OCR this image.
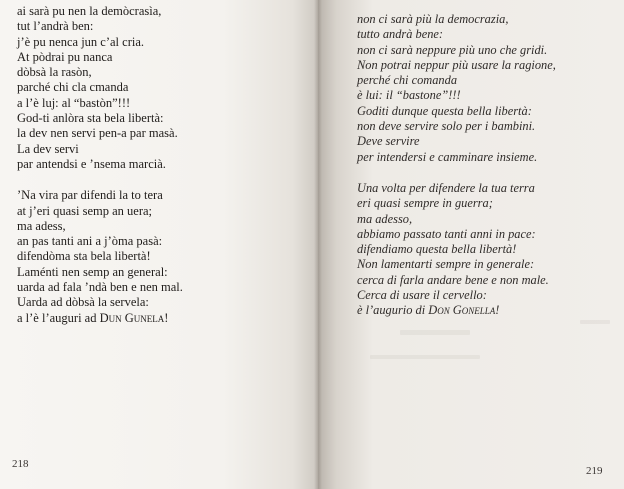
ai sarà pu nen la demòcrasìa,
tut l’andrà ben:
j’è pu nenca jun c’al cria.
At pòdrai pu nanca
dòbsà la rasòn,
parché chi cla cmanda
a l’è luj: al “bastòn”!!!
God-ti anlòra sta bela libertà:
la dev nen servi pen-a par masà.
La dev servi
par antendsi e ’nsema marcià.
’Na vira par difendi la to tera
at j’eri quasi semp an uera;
ma adess,
an pas tanti ani a j’òma pasà:
difendòma sta bela libertà!
Laménti nen semp an general:
uarda ad fala ’ndà ben e nen mal.
Uarda ad dòbsà la servela:
a l’è l’auguri ad Dun Gunela!
non ci sarà più la democrazia,
tutto andrà bene:
non ci sarà neppure più uno che gridi.
Non potrai neppur più usare la ragione,
perché chi comanda
è lui: il “bastone”!!!
Goditi dunque questa bella libertà:
non deve servire solo per i bambini.
Deve servire
per intendersi e camminare insieme.
Una volta per difendere la tua terra
eri quasi sempre in guerra;
ma adesso,
abbiamo passato tanti anni in pace:
difendiamo questa bella libertà!
Non lamentarti sempre in generale:
cerca di farla andare bene e non male.
Cerca di usare il cervello:
è l’augurio di Don Gonella!
218
219
